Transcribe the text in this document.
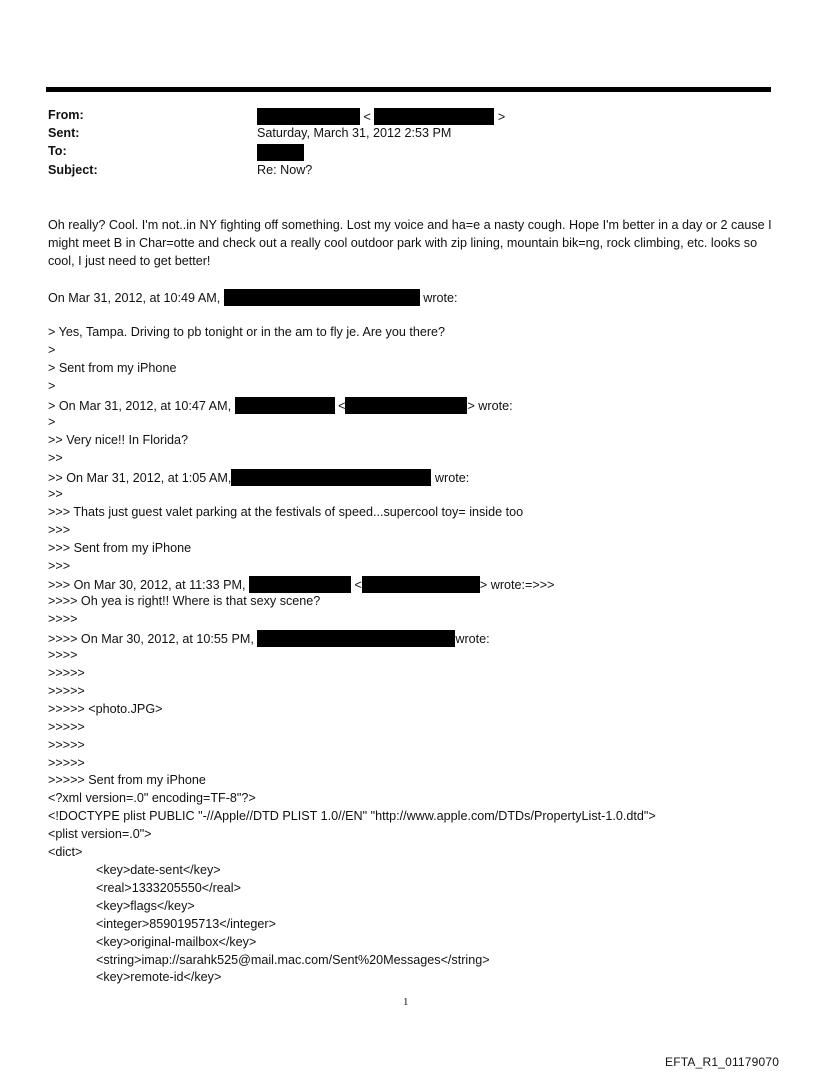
From:	<	>
Sent:	Saturday, March 31, 2012 2:53 PM
To:
Subject:	Re: Now?
Oh really? Cool. I'm not..in NY fighting off something. Lost my voice and ha=e a nasty cough. Hope I'm better in a day or 2 cause I might meet B in Char=otte and check out a really cool outdoor park with zip lining, mountain bik=ng, rock climbing, etc. looks so cool, I just need to get better!
On Mar 31, 2012, at 10:49 AM,	wrote:
> Yes, Tampa. Driving to pb tonight or in the am to fly je. Are you there?
>
> Sent from my iPhone
>
> On Mar 31, 2012, at 10:47 AM,	<	> wrote:
>
>> Very nice!! In Florida?
>>
>> On Mar 31, 2012, at 1:05 AM,	wrote:
>>
>>> Thats just guest valet parking at the festivals of speed...supercool toy= inside too
>>>
>>> Sent from my iPhone
>>>
>>> On Mar 30, 2012, at 11:33 PM,	<	> wrote:=>>>
>>>> Oh yea is right!! Where is that sexy scene?
>>>>
>>>> On Mar 30, 2012, at 10:55 PM,	wrote:
>>>>
>>>>>
>>>>>
>>>>> <photo.JPG>
>>>>>
>>>>>
>>>>>
>>>>> Sent from my iPhone
<?xml version=.0" encoding=TF-8"?>
<!DOCTYPE plist PUBLIC "-//Apple//DTD PLIST 1.0//EN" "http://www.apple.com/DTDs/PropertyList-1.0.dtd">
<plist version=.0">
<dict>
<key>date-sent</key>
<real>1333205550</real>
<key>flags</key>
<integer>8590195713</integer>
<key>original-mailbox</key>
<string>imap://sarahk525@mail.mac.com/Sent%20Messages</string>
<key>remote-id</key>
1
EFTA_R1_01179070
